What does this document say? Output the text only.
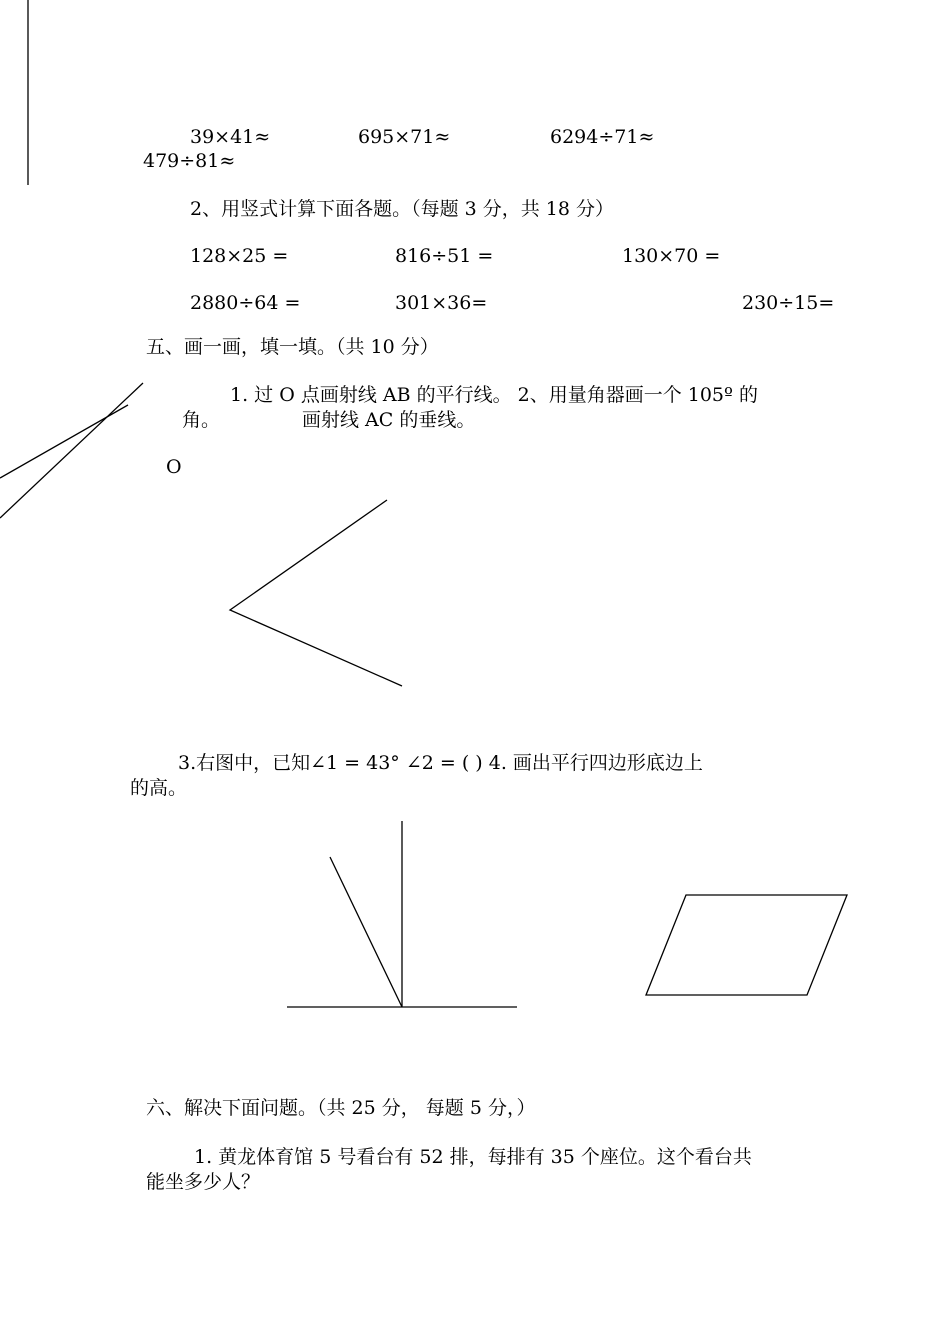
39×41≈	695×71≈	6294÷71≈
479÷81≈
2、用竖式计算下面各题。（每题 3 分，共 18 分）
128×25 =	816÷51 =	130×70 =
2880÷64 =	301×36=	230÷15=
五、画一画，填一填。（共 10 分）
1. 过 O 点画射线 AB 的平行线。 2、用量角器画一个 105º 的
角。	画射线 AC 的垂线。
O
3.右图中，已知∠1 = 43° ∠2 = ( ) 4. 画出平行四边形底边上
的高。
六、解决下面问题。（共 25 分， 每题 5 分，）
1. 黄龙体育馆 5 号看台有 52 排，每排有 35 个座位。这个看台共
能坐多少人？
